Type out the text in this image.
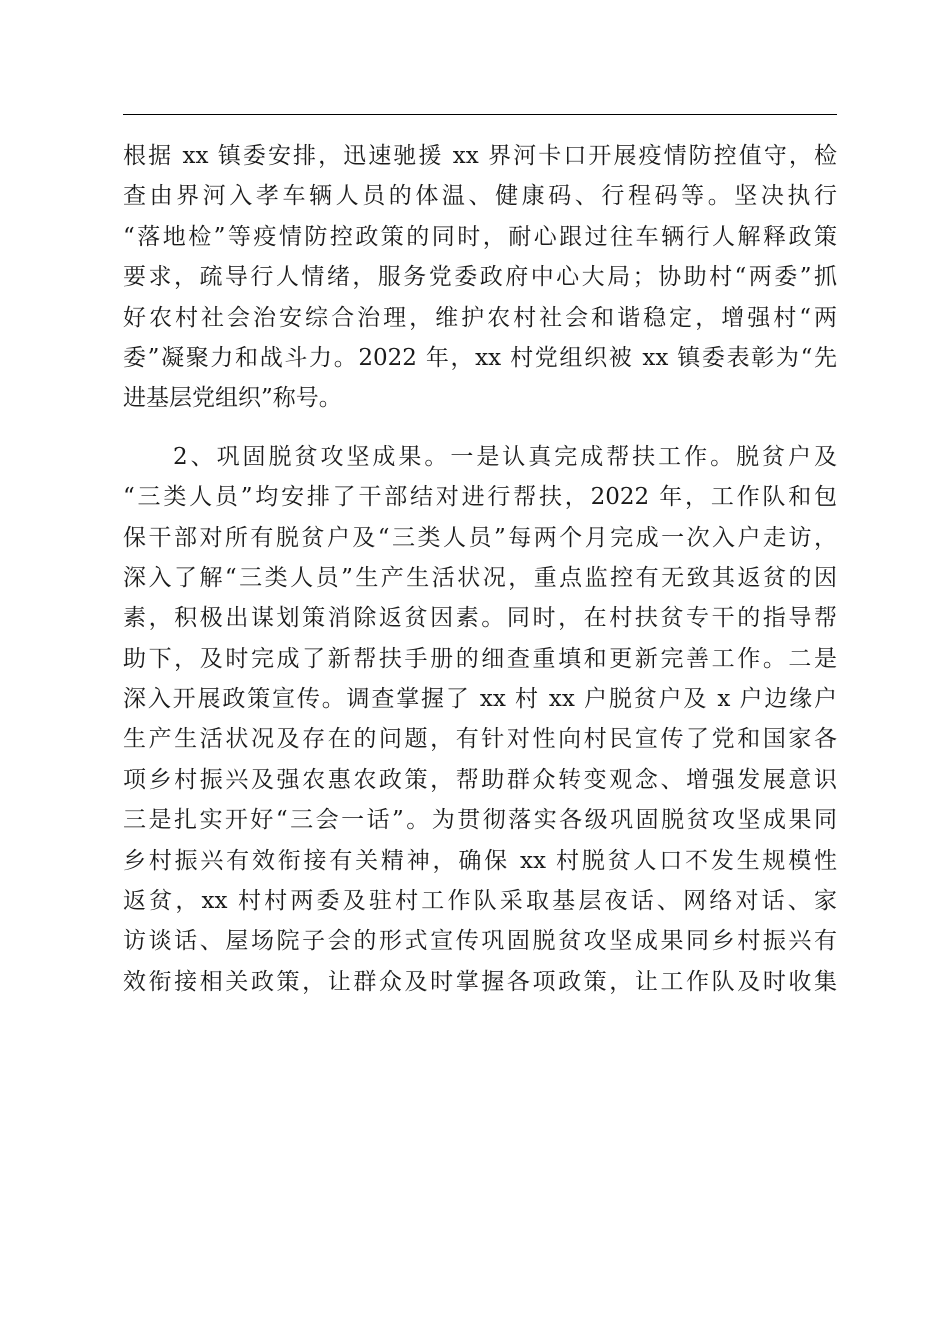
根据 xx 镇委安排，迅速驰援 xx 界河卡口开展疫情防控值守，检
查由界河入孝车辆人员的体温、健康码、行程码等。坚决执行
“落地检”等疫情防控政策的同时，耐心跟过往车辆行人解释政策
要求，疏导行人情绪，服务党委政府中心大局；协助村“两委”抓
好农村社会治安综合治理，维护农村社会和谐稳定，增强村“两
委”凝聚力和战斗力。2022 年，xx 村党组织被 xx 镇委表彰为“先
进基层党组织”称号。
2、巩固脱贫攻坚成果。一是认真完成帮扶工作。脱贫户及
“三类人员”均安排了干部结对进行帮扶，2022 年，工作队和包
保干部对所有脱贫户及“三类人员”每两个月完成一次入户走访，
深入了解“三类人员”生产生活状况，重点监控有无致其返贫的因
素，积极出谋划策消除返贫因素。同时，在村扶贫专干的指导帮
助下，及时完成了新帮扶手册的细查重填和更新完善工作。二是
深入开展政策宣传。调查掌握了 xx 村 xx 户脱贫户及 x 户边缘户
生产生活状况及存在的问题，有针对性向村民宣传了党和国家各
项乡村振兴及强农惠农政策，帮助群众转变观念、增强发展意识
三是扎实开好“三会一话”。为贯彻落实各级巩固脱贫攻坚成果同
乡村振兴有效衔接有关精神，确保 xx 村脱贫人口不发生规模性
返贫，xx 村村两委及驻村工作队采取基层夜话、网络对话、家
访谈话、屋场院子会的形式宣传巩固脱贫攻坚成果同乡村振兴有
效衔接相关政策，让群众及时掌握各项政策，让工作队及时收集
